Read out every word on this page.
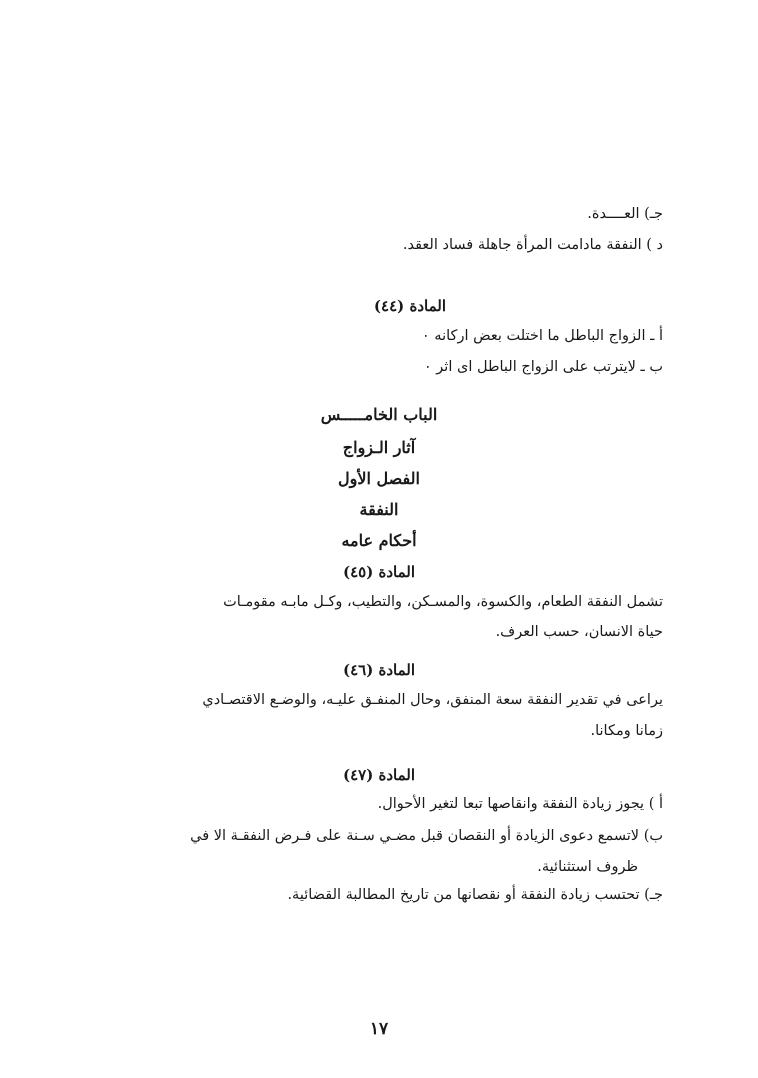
جـ) العــــدة.
د ) النفقة مادامت المرأة جاهلة فساد العقد.
المادة (٤٤)
أ ـ الزواج الباطل ما اختلت بعض اركانه ۰
ب ـ لايترتب على الزواج الباطل اى اثر ۰
الباب الخامـــــس
آثار الـزواج
الفصل الأول
النفقة
أحكام عامه
المادة (٤٥)
تشمل النفقة الطعام، والكسوة، والمسـكن، والتطيب، وكـل مابـه مقومـات
حياة الانسان، حسب العرف.
المادة (٤٦)
يراعى في تقدير النفقة سعة المنفق، وحال المنفـق عليـه، والوضـع الاقتصـادي
زمانا ومكانا.
المادة (٤٧)
أ ) يجوز زيادة النفقة وانقاصها تبعا لتغير الأحوال.
ب) لاتسمع دعوى الزيادة أو النقصان قبل مضـي سـنة على فـرض النفقـة الا في
ظروف استثنائية.
جـ) تحتسب زيادة النفقة أو نقصانها من تاريخ المطالبة القضائية.
١٧
